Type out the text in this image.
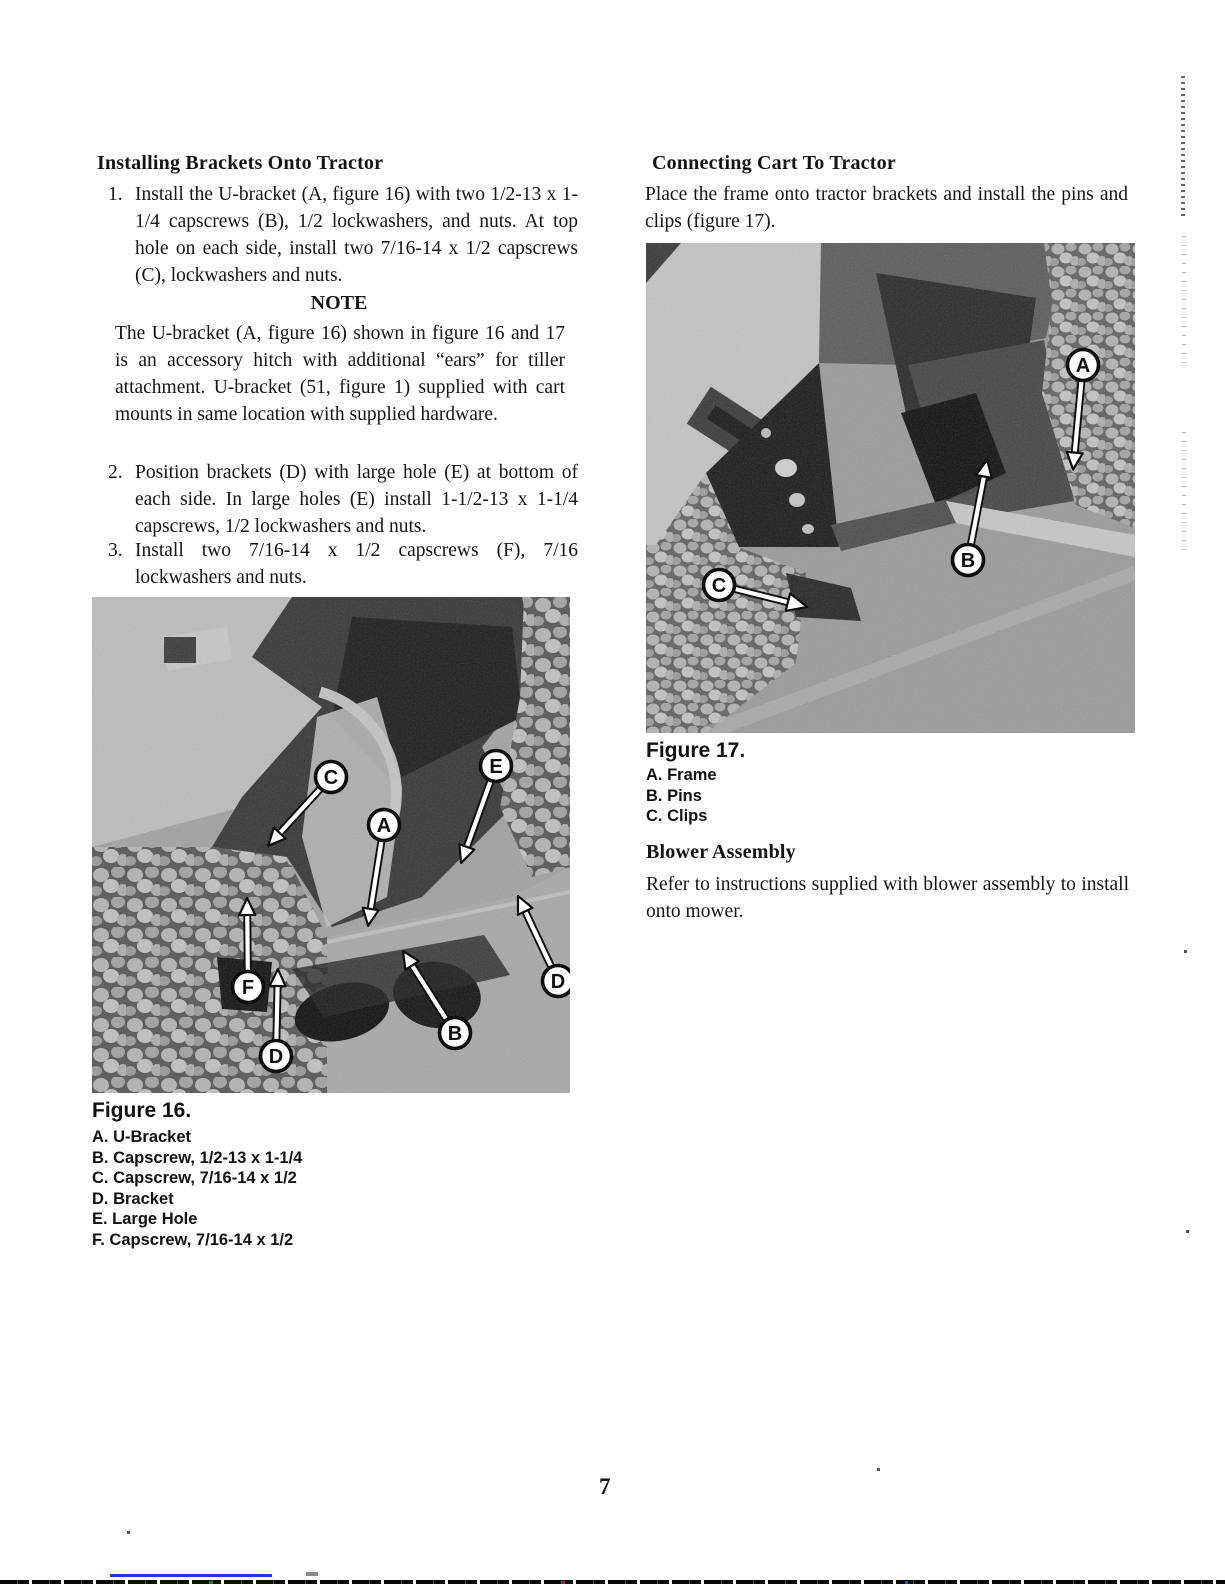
Installing Brackets Onto Tractor
1. Install the U-bracket (A, figure 16) with two 1/2-13 x 1-1/4 capscrews (B), 1/2 lockwashers, and nuts. At top hole on each side, install two 7/16-14 x 1/2 capscrews (C), lockwashers and nuts.
NOTE
The U-bracket (A, figure 16) shown in figure 16 and 17 is an accessory hitch with additional “ears” for tiller attachment. U-bracket (51, figure 1) supplied with cart mounts in same location with supplied hardware.
2. Position brackets (D) with large hole (E) at bottom of each side. In large holes (E) install 1-1/2-13 x 1-1/4 capscrews, 1/2 lockwashers and nuts.
3. Install two 7/16-14 x 1/2 capscrews (F), 7/16 lockwashers and nuts.
C
A
E
F
D
B
D
Figure 16.
A. U-Bracket
B. Capscrew, 1/2-13 x 1-1/4
C. Capscrew, 7/16-14 x 1/2
D. Bracket
E. Large Hole
F. Capscrew, 7/16-14 x 1/2
Connecting Cart To Tractor
Place the frame onto tractor brackets and install the pins and clips (figure 17).
A
B
C
Figure 17.
A. Frame
B. Pins
C. Clips
Blower Assembly
Refer to instructions supplied with blower assembly to install onto mower.
7
